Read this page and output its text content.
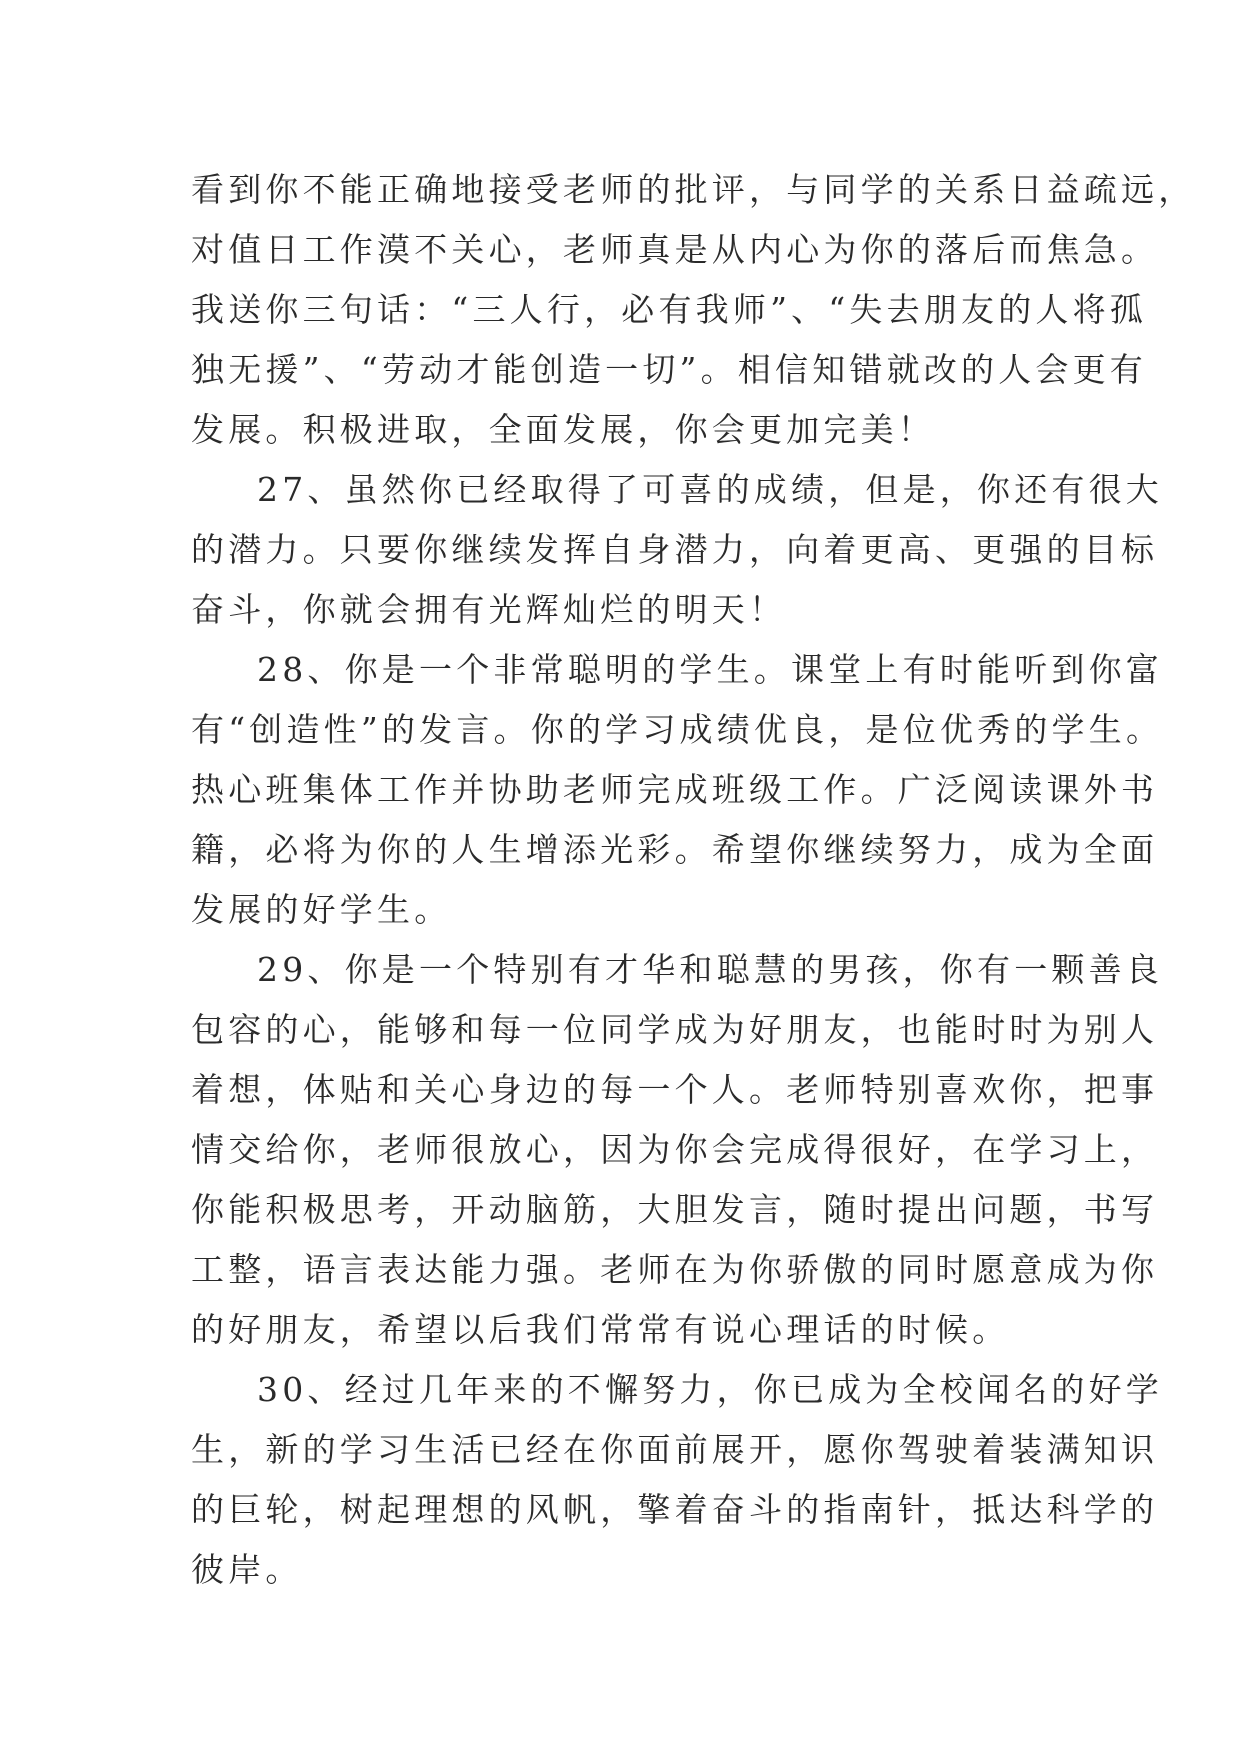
看到你不能正确地接受老师的批评，与同学的关系日益疏远，
对值日工作漠不关心，老师真是从内心为你的落后而焦急。
我送你三句话：“三人行，必有我师”、“失去朋友的人将孤
独无援”、“劳动才能创造一切”。相信知错就改的人会更有
发展。积极进取，全面发展，你会更加完美！
27、虽然你已经取得了可喜的成绩，但是，你还有很大
的潜力。只要你继续发挥自身潜力，向着更高、更强的目标
奋斗，你就会拥有光辉灿烂的明天！
28、你是一个非常聪明的学生。课堂上有时能听到你富
有“创造性”的发言。你的学习成绩优良，是位优秀的学生。
热心班集体工作并协助老师完成班级工作。广泛阅读课外书
籍，必将为你的人生增添光彩。希望你继续努力，成为全面
发展的好学生。
29、你是一个特别有才华和聪慧的男孩，你有一颗善良
包容的心，能够和每一位同学成为好朋友，也能时时为别人
着想，体贴和关心身边的每一个人。老师特别喜欢你，把事
情交给你，老师很放心，因为你会完成得很好，在学习上，
你能积极思考，开动脑筋，大胆发言，随时提出问题，书写
工整，语言表达能力强。老师在为你骄傲的同时愿意成为你
的好朋友，希望以后我们常常有说心理话的时候。
30、经过几年来的不懈努力，你已成为全校闻名的好学
生，新的学习生活已经在你面前展开，愿你驾驶着装满知识
的巨轮，树起理想的风帆，擎着奋斗的指南针，抵达科学的
彼岸。
